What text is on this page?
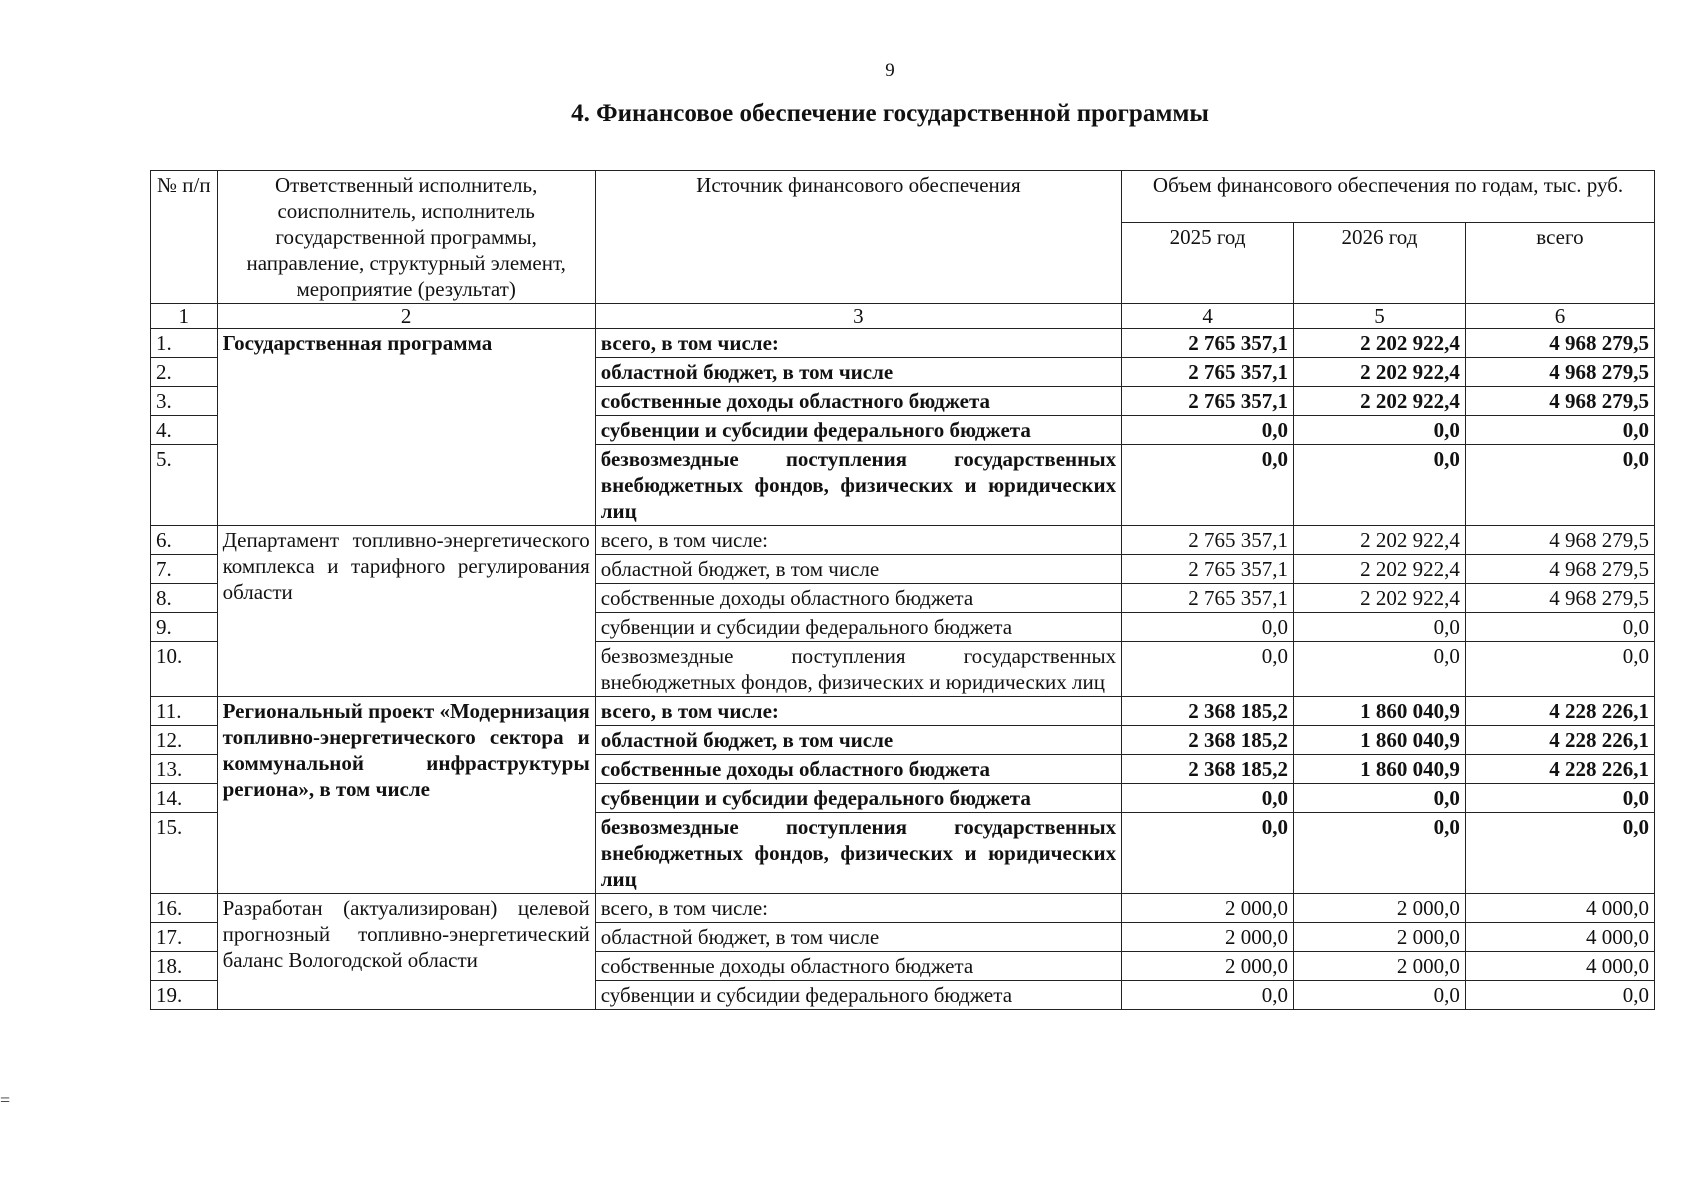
9
4. Финансовое обеспечение государственной программы
№ п/п	Ответственный исполнитель, соисполнитель, исполнитель государственной программы, направление, структурный элемент, мероприятие (результат)	Источник финансового обеспечения	Объем финансового обеспечения по годам, тыс. руб.		
			2025 год	2026 год	всего
1	2	3	4	5	6
1.	Государственная программа	всего, в том числе:	2 765 357,1	2 202 922,4	4 968 279,5
2.		областной бюджет, в том числе	2 765 357,1	2 202 922,4	4 968 279,5
3.		собственные доходы областного бюджета	2 765 357,1	2 202 922,4	4 968 279,5
4.		субвенции и субсидии федерального бюджета	0,0	0,0	0,0
5.		безвозмездные поступления государственных внебюджетных фондов, физических и юридических лиц	0,0	0,0	0,0
6.	Департамент топливно-энергетического комплекса и тарифного регулирования области	всего, в том числе:	2 765 357,1	2 202 922,4	4 968 279,5
7.		областной бюджет, в том числе	2 765 357,1	2 202 922,4	4 968 279,5
8.		собственные доходы областного бюджета	2 765 357,1	2 202 922,4	4 968 279,5
9.		субвенции и субсидии федерального бюджета	0,0	0,0	0,0
10.		безвозмездные поступления государственных внебюджетных фондов, физических и юридических лиц	0,0	0,0	0,0
11.	Региональный проект «Модернизация топливно-энергетического сектора и коммунальной инфраструктуры региона», в том числе	всего, в том числе:	2 368 185,2	1 860 040,9	4 228 226,1
12.		областной бюджет, в том числе	2 368 185,2	1 860 040,9	4 228 226,1
13.		собственные доходы областного бюджета	2 368 185,2	1 860 040,9	4 228 226,1
14.		субвенции и субсидии федерального бюджета	0,0	0,0	0,0
15.		безвозмездные поступления государственных внебюджетных фондов, физических и юридических лиц	0,0	0,0	0,0
16.	Разработан (актуализирован) целевой прогнозный топливно-энергетический баланс Вологодской области	всего, в том числе:	2 000,0	2 000,0	4 000,0
17.		областной бюджет, в том числе	2 000,0	2 000,0	4 000,0
18.		собственные доходы областного бюджета	2 000,0	2 000,0	4 000,0
19.		субвенции и субсидии федерального бюджета	0,0	0,0	0,0
=
